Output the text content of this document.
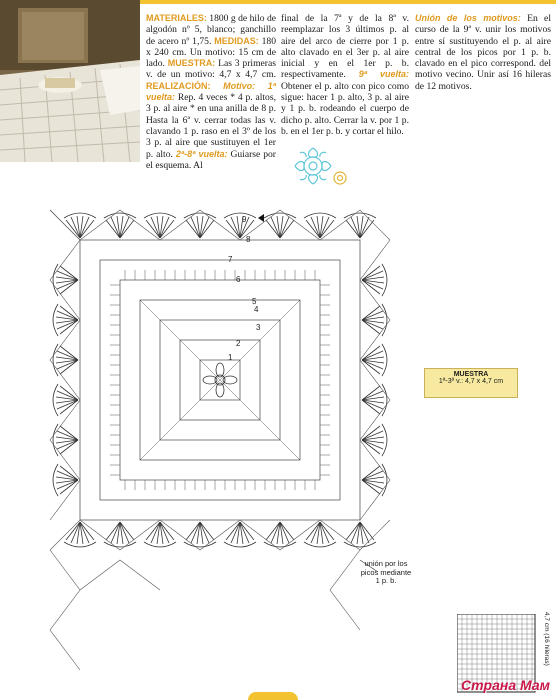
MATERIALES: 1800 g de hilo de algodón nº 5, blanco; ganchillo de acero nº 1,75. MEDIDAS: 180 x 240 cm. Un motivo: 15 cm de lado. MUESTRA: Las 3 primeras v. de un motivo: 4,7 x 4,7 cm. REALIZACIÓN: Motivo: 1ª vuelta: Rep. 4 veces * 4 p. altos, 3 p. al aire * en una anilla de 8 p. Hasta la 6ª v. cerrar todas las v. clavando 1 p. raso en el 3º de los 3 p. al aire que sustituyen el 1er p. alto. 2ª-8ª vuelta: Guiarse por el esquema. Al
final de la 7ª y de la 8ª v. reemplazar los 3 últimos p. al aire del arco de cierre por 1 p. alto clavado en el 3er p. al aire inicial y en el 1er p. b. respectivamente. 9ª vuelta: Obtener el p. alto con pico como sigue: hacer 1 p. alto, 3 p. al aire y 1 p. b. rodeando el cuerpo de dicho p. alto. Cerrar la v. por 1 p. b. en el 1er p. b. y cortar el hilo.
Unión de los motivos: En el curso de la 9ª v. unir los motivos entre sí sustituyendo el p. al aire central de los picos por 1 p. b. clavado en el pico correspond. del motivo vecino. Unir así 16 hileras de 12 motivos.
9
8
7
6
5
4
3
2
1
MUESTRA
1ª-3ª v.: 4,7 x 4,7 cm
unión por los picos mediante 1 p. b.
4,7 cm (16 hileras)
Страна Мам
